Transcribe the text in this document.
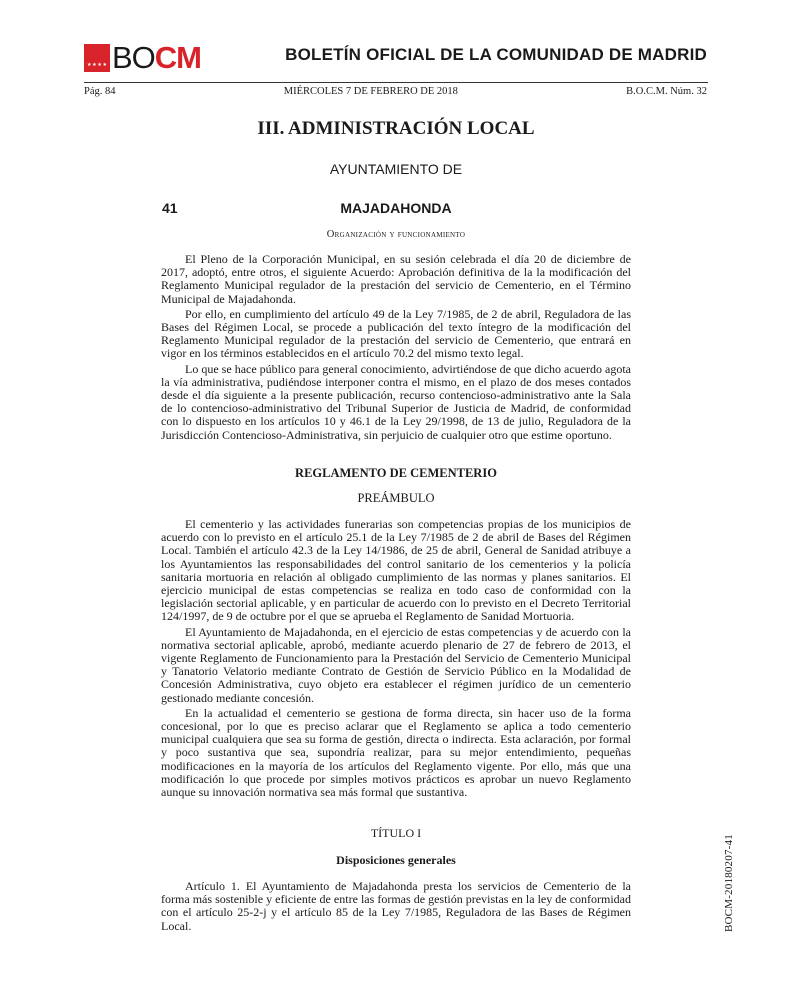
★ ★ ★ ★ BOCM	BOLETÍN OFICIAL DE LA COMUNIDAD DE MADRID
Pág. 84	MIÉRCOLES 7 DE FEBRERO DE 2018	B.O.C.M. Núm. 32
III. ADMINISTRACIÓN LOCAL
AYUNTAMIENTO DE
41	MAJADAHONDA
Organización y funcionamiento

El Pleno de la Corporación Municipal, en su sesión celebrada el día 20 de diciembre de 2017, adoptó, entre otros, el siguiente Acuerdo: Aprobación definitiva de la la modificación del Reglamento Municipal regulador de la prestación del servicio de Cementerio, en el Término Municipal de Majadahonda.

Por ello, en cumplimiento del artículo 49 de la Ley 7/1985, de 2 de abril, Reguladora de las Bases del Régimen Local, se procede a publicación del texto íntegro de la modificación del Reglamento Municipal regulador de la prestación del servicio de Cementerio, que entrará en vigor en los términos establecidos en el artículo 70.2 del mismo texto legal.

Lo que se hace público para general conocimiento, advirtiéndose de que dicho acuerdo agota la vía administrativa, pudiéndose interponer contra el mismo, en el plazo de dos meses contados desde el día siguiente a la presente publicación, recurso contencioso-administrativo ante la Sala de lo contencioso-administrativo del Tribunal Superior de Justicia de Madrid, de conformidad con lo dispuesto en los artículos 10 y 46.1 de la Ley 29/1998, de 13 de julio, Reguladora de la Jurisdicción Contencioso-Administrativa, sin perjuicio de cualquier otro que estime oportuno.

REGLAMENTO DE CEMENTERIO
PREÁMBULO

El cementerio y las actividades funerarias son competencias propias de los municipios de acuerdo con lo previsto en el artículo 25.1 de la Ley 7/1985 de 2 de abril de Bases del Régimen Local. También el artículo 42.3 de la Ley 14/1986, de 25 de abril, General de Sanidad atribuye a los Ayuntamientos las responsabilidades del control sanitario de los cementerios y la policía sanitaria mortuoria en relación al obligado cumplimiento de las normas y planes sanitarios. El ejercicio municipal de estas competencias se realiza en todo caso de conformidad con la legislación sectorial aplicable, y en particular de acuerdo con lo previsto en el Decreto Territorial 124/1997, de 9 de octubre por el que se aprueba el Reglamento de Sanidad Mortuoria.

El Ayuntamiento de Majadahonda, en el ejercicio de estas competencias y de acuerdo con la normativa sectorial aplicable, aprobó, mediante acuerdo plenario de 27 de febrero de 2013, el vigente Reglamento de Funcionamiento para la Prestación del Servicio de Cementerio Municipal y Tanatorio Velatorio mediante Contrato de Gestión de Servicio Público en la Modalidad de Concesión Administrativa, cuyo objeto era establecer el régimen jurídico de un cementerio gestionado mediante concesión.

En la actualidad el cementerio se gestiona de forma directa, sin hacer uso de la forma concesional, por lo que es preciso aclarar que el Reglamento se aplica a todo cementerio municipal cualquiera que sea su forma de gestión, directa o indirecta. Esta aclaración, por formal y poco sustantiva que sea, supondría realizar, para su mejor entendimiento, pequeñas modificaciones en la mayoría de los artículos del Reglamento vigente. Por ello, más que una modificación lo que procede por simples motivos prácticos es aprobar un nuevo Reglamento aunque su innovación normativa sea más formal que sustantiva.

TÍTULO I
Disposiciones generales

Artículo 1. El Ayuntamiento de Majadahonda presta los servicios de Cementerio de la forma más sostenible y eficiente de entre las formas de gestión previstas en la ley de conformidad con el artículo 25-2-j y el artículo 85 de la Ley 7/1985, Reguladora de las Bases de Régimen Local.	BOCM-20180207-41
